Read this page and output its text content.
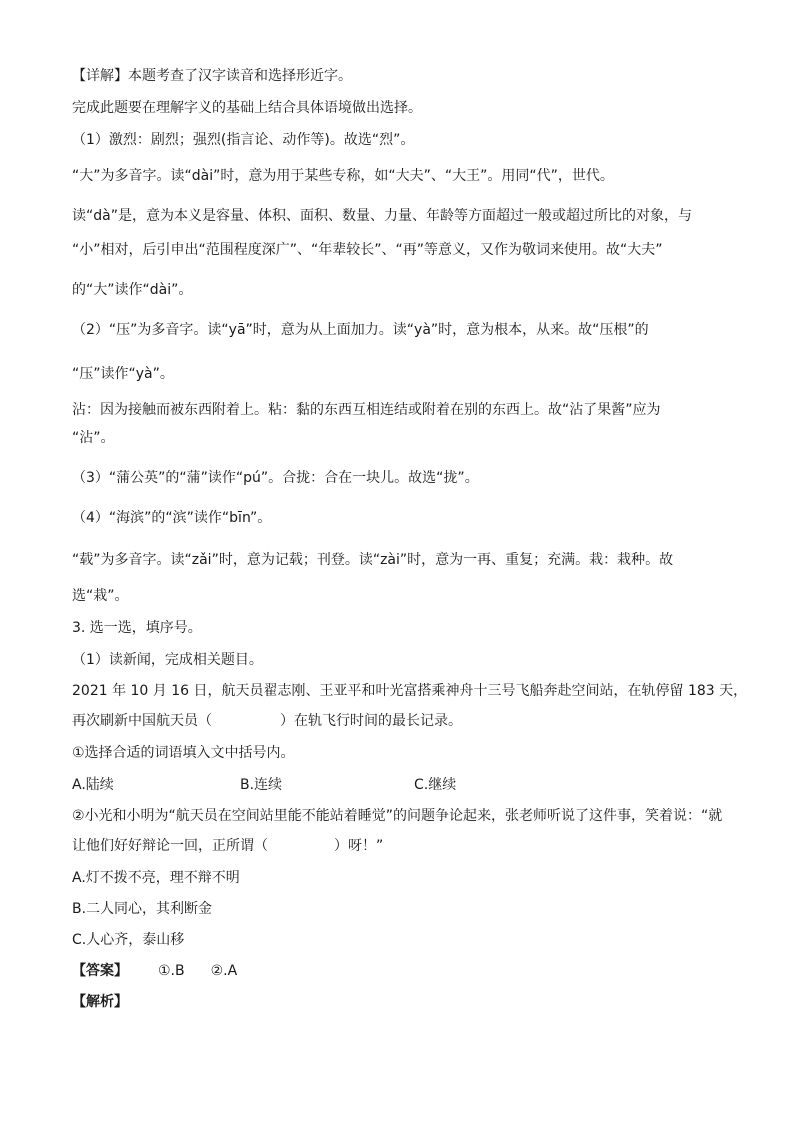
【详解】本题考查了汉字读音和选择形近字。
完成此题要在理解字义的基础上结合具体语境做出选择。
（1）激烈：剧烈；强烈(指言论、动作等)。故选“烈”。
“大”为多音字。读“dài”时，意为用于某些专称，如“大夫”、“大王”。用同“代”，世代。
读“dà”是，意为本义是容量、体积、面积、数量、力量、年龄等方面超过一般或超过所比的对象，与
“小”相对，后引申出“范围程度深广”、“年辈较长”、“再”等意义，又作为敬词来使用。故“大夫”
的“大”读作“dài”。
（2）“压”为多音字。读“yā”时，意为从上面加力。读“yà”时，意为根本，从来。故“压根”的
“压”读作“yà”。
沾：因为接触而被东西附着上。粘：黏的东西互相连结或附着在别的东西上。故“沾了果酱”应为
“沾”。
（3）“蒲公英”的“蒲”读作“pú”。合拢：合在一块儿。故选“拢”。
（4）“海滨”的“滨”读作“bīn”。
“载”为多音字。读“zǎi”时，意为记载；刊登。读“zài”时，意为一再、重复；充满。栽：栽种。故
选“栽”。
3. 选一选，填序号。
（1）读新闻，完成相关题目。
2021 年 10 月 16 日，航天员翟志刚、王亚平和叶光富搭乘神舟十三号飞船奔赴空间站，在轨停留 183 天，
再次刷新中国航天员（	）在轨飞行时间的最长记录。
①选择合适的词语填入文中括号内。
A.陆续	B.连续	C.继续
②小光和小明为“航天员在空间站里能不能站着睡觉”的问题争论起来，张老师听说了这件事，笑着说：“就
让他们好好辩论一回，正所谓（	）呀！”
A.灯不拨不亮，理不辩不明
B.二人同心，其利断金
C.人心齐，泰山移
【答案】 ①.B ②.A
【解析】
